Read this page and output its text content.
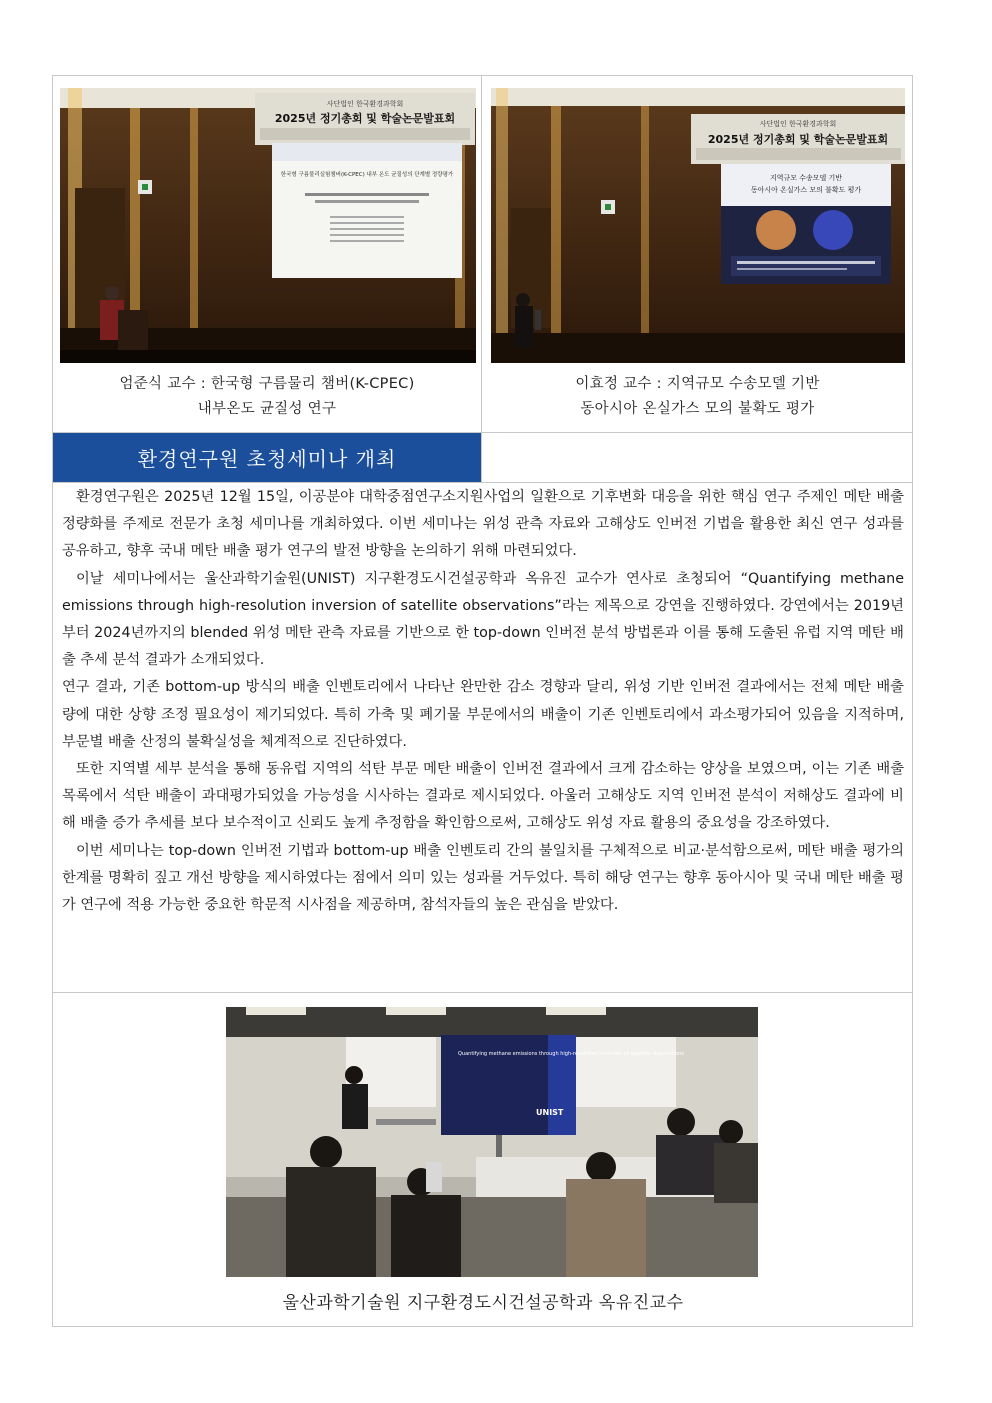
사단법인 한국환경과학회
2025년 정기총회 및 학술논문발표회
한국형 구름물리실험챔버(K-CPEC) 내부 온도 균질성의 단계별 정량평가
사단법인 한국환경과학회
2025년 정기총회 및 학술논문발표회
지역규모 수송모델 기반
동아시아 온실가스 모의 불확도 평가
엄준식 교수 : 한국형 구름물리 챔버(K-CPEC)
내부온도 균질성 연구
이효정 교수 : 지역규모 수송모델 기반
동아시아 온실가스 모의 불확도 평가
환경연구원 초청세미나 개최

환경연구원은 2025년 12월 15일, 이공분야 대학중점연구소지원사업의 일환으로 기후변화 대응을 위한 핵심 연구 주제인 메탄 배출 정량화를 주제로 전문가 초청 세미나를 개최하였다. 이번 세미나는 위성 관측 자료와 고해상도 인버전 기법을 활용한 최신 연구 성과를 공유하고, 향후 국내 메탄 배출 평가 연구의 발전 방향을 논의하기 위해 마련되었다.

이날 세미나에서는 울산과학기술원(UNIST) 지구환경도시건설공학과 옥유진 교수가 연사로 초청되어 “Quantifying methane emissions through high-resolution inversion of satellite observations”라는 제목으로 강연을 진행하였다. 강연에서는 2019년부터 2024년까지의 blended 위성 메탄 관측 자료를 기반으로 한 top-down 인버전 분석 방법론과 이를 통해 도출된 유럽 지역 메탄 배출 추세 분석 결과가 소개되었다.

연구 결과, 기존 bottom-up 방식의 배출 인벤토리에서 나타난 완만한 감소 경향과 달리, 위성 기반 인버전 결과에서는 전체 메탄 배출량에 대한 상향 조정 필요성이 제기되었다. 특히 가축 및 폐기물 부문에서의 배출이 기존 인벤토리에서 과소평가되어 있음을 지적하며, 부문별 배출 산정의 불확실성을 체계적으로 진단하였다.

또한 지역별 세부 분석을 통해 동유럽 지역의 석탄 부문 메탄 배출이 인버전 결과에서 크게 감소하는 양상을 보였으며, 이는 기존 배출 목록에서 석탄 배출이 과대평가되었을 가능성을 시사하는 결과로 제시되었다. 아울러 고해상도 지역 인버전 분석이 저해상도 결과에 비해 배출 증가 추세를 보다 보수적이고 신뢰도 높게 추정함을 확인함으로써, 고해상도 위성 자료 활용의 중요성을 강조하였다.

이번 세미나는 top-down 인버전 기법과 bottom-up 배출 인벤토리 간의 불일치를 구체적으로 비교·분석함으로써, 메탄 배출 평가의 한계를 명확히 짚고 개선 방향을 제시하였다는 점에서 의미 있는 성과를 거두었다. 특히 해당 연구는 향후 동아시아 및 국내 메탄 배출 평가 연구에 적용 가능한 중요한 학문적 시사점을 제공하며, 참석자들의 높은 관심을 받았다.

Quantifying methane emissions through high-resolution inversion of satellite observations
UNIST
울산과학기술원 지구환경도시건설공학과 옥유진교수
